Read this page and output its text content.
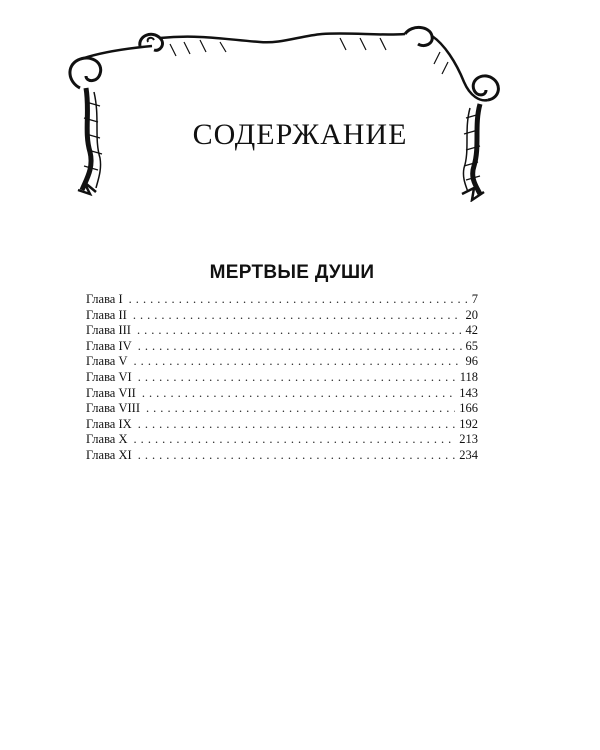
СОДЕРЖАНИЕ
МЕРТВЫЕ ДУШИ
Глава I . . .	7
Глава II . . .	20
Глава III . . .	42
Глава IV . . .	65
Глава V . . .	96
Глава VI . . .	118
Глава VII . . .	143
Глава VIII . . .	166
Глава IX . . .	192
Глава X . . .	213
Глава XI . . .	234
